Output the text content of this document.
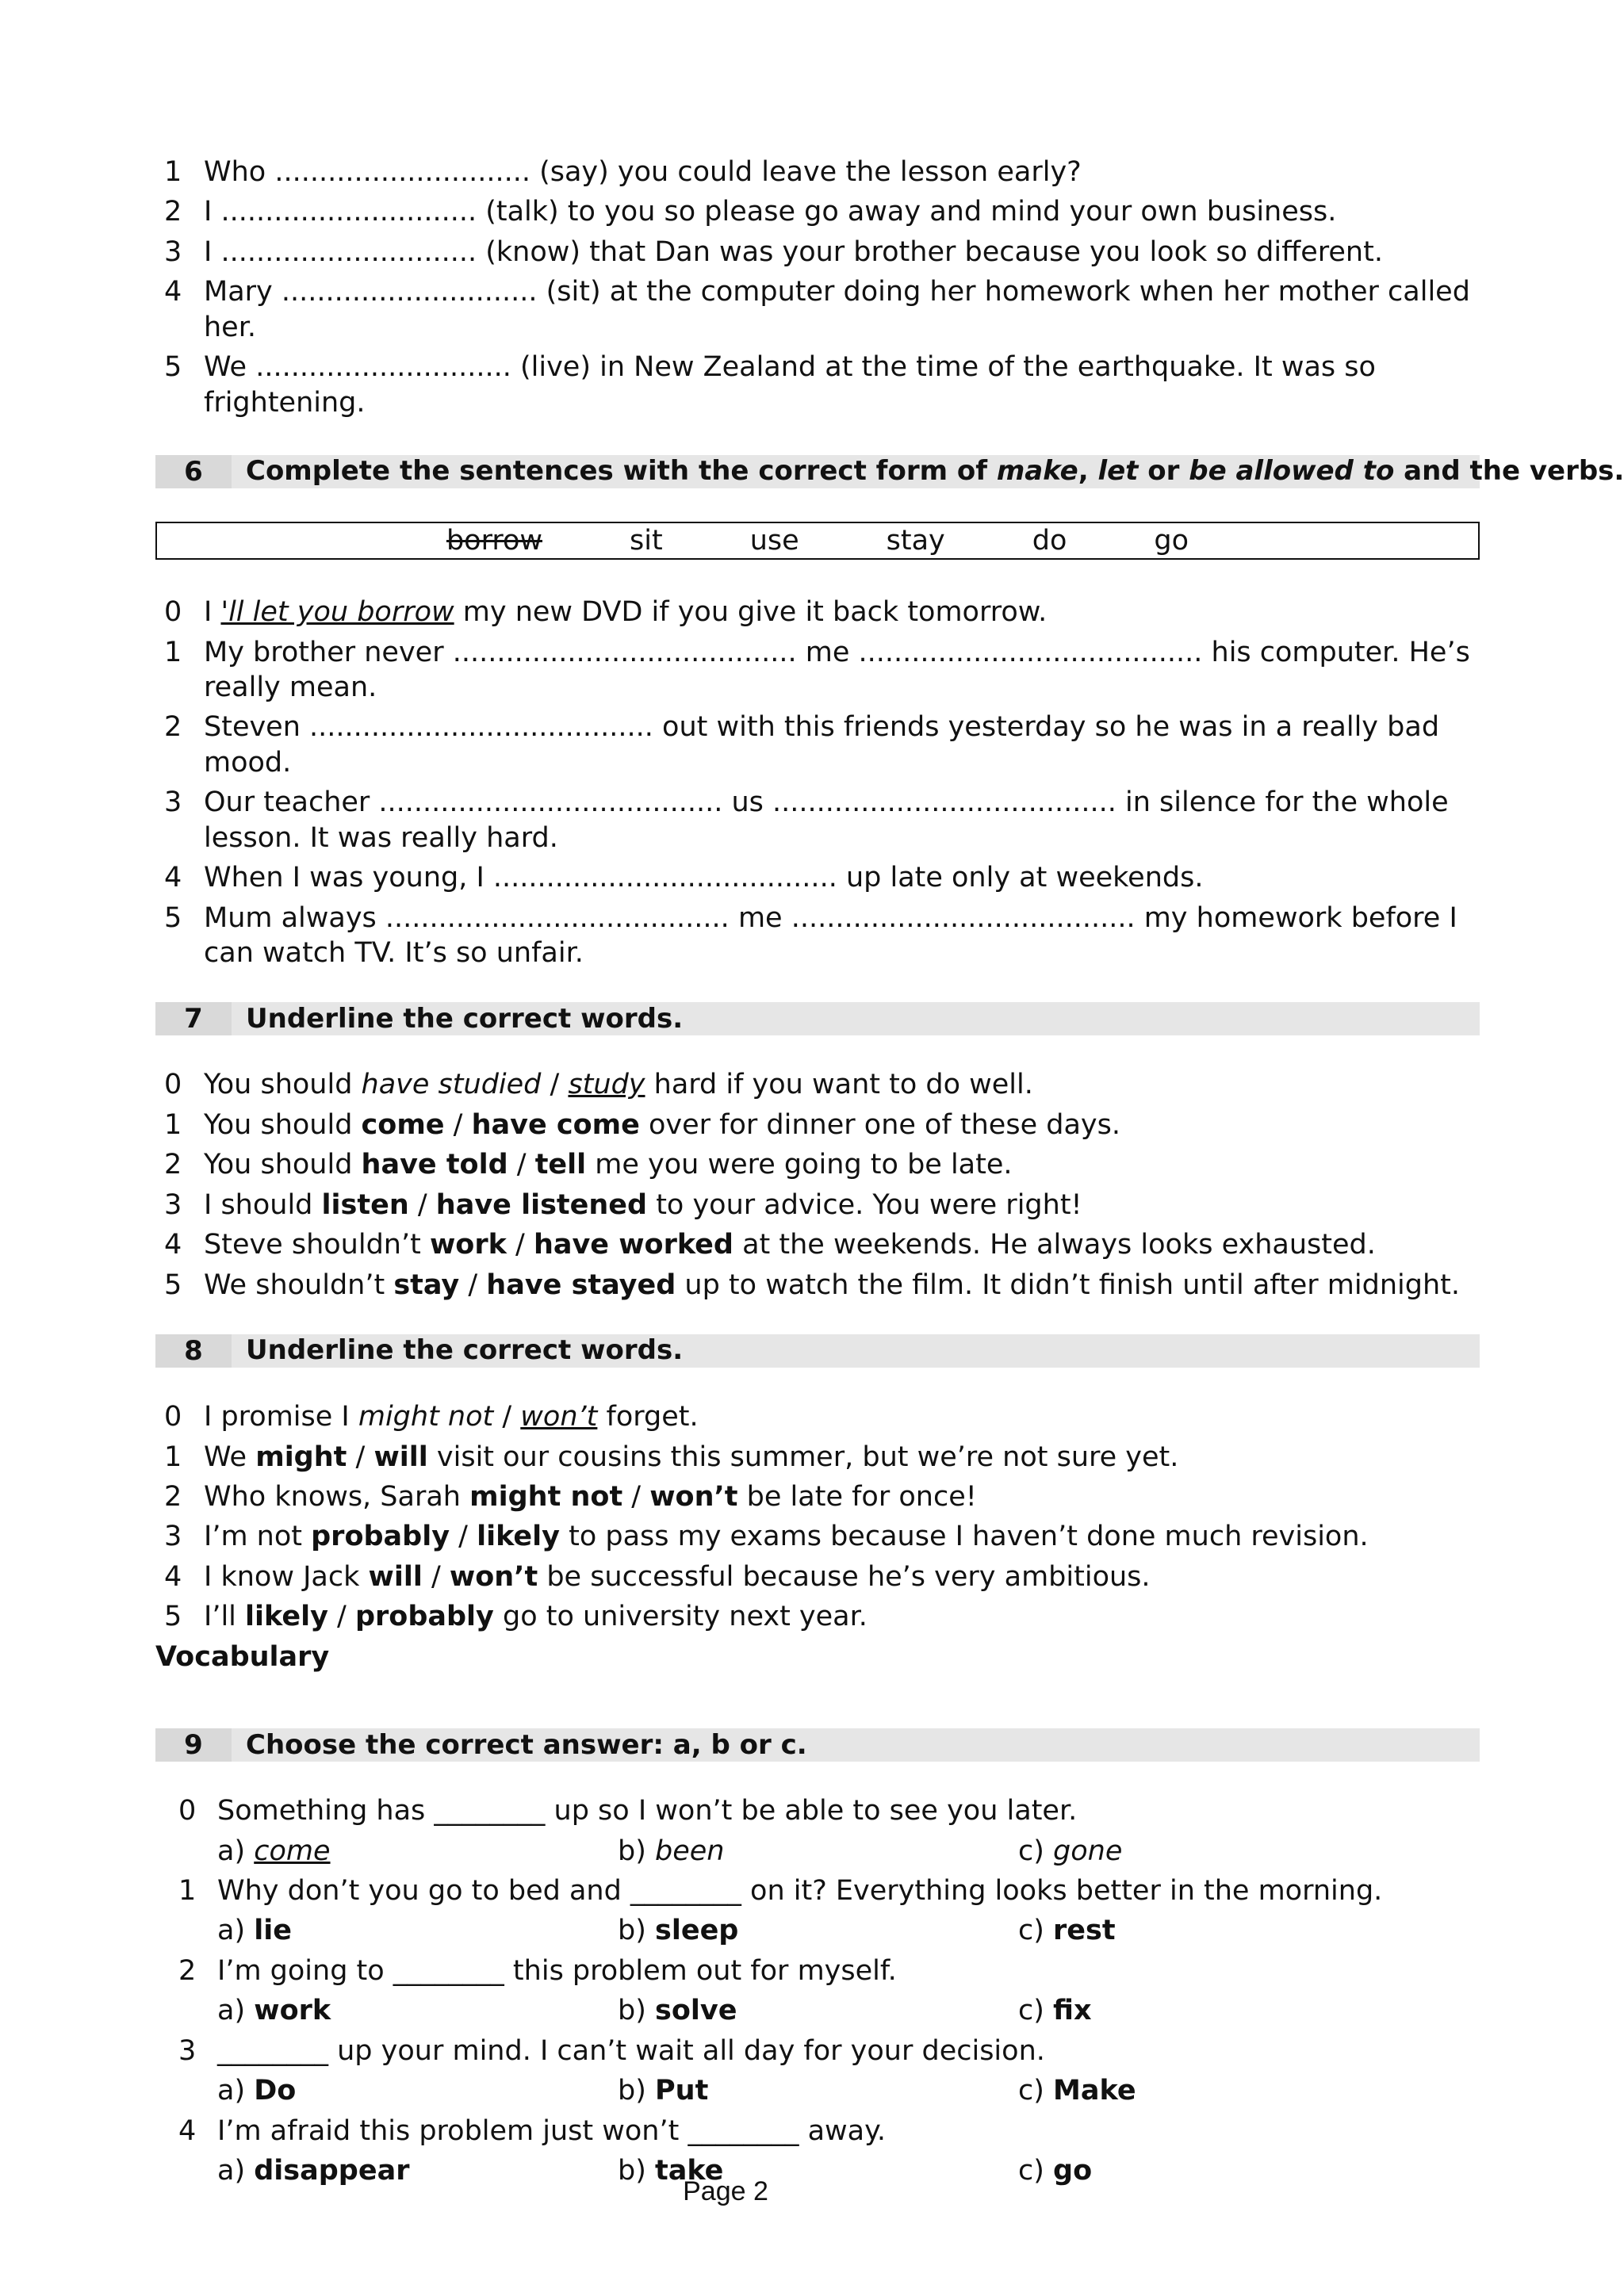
1 Who ............................. (say) you could leave the lesson early?
2 I ............................. (talk) to you so please go away and mind your own business.
3 I ............................. (know) that Dan was your brother because you look so different.
4 Mary ............................. (sit) at the computer doing her homework when her mother called her.
5 We ............................. (live) in New Zealand at the time of the earthquake. It was so frightening.
6	Complete the sentences with the correct form of make, let or be allowed to and the verbs.
borrow	sit	use	stay	do	go
0 I 'll let you borrow my new DVD if you give it back tomorrow.
1 My brother never ....................................... me ....................................... his computer. He’s really mean.
2 Steven ....................................... out with this friends yesterday so he was in a really bad mood.
3 Our teacher ....................................... us ....................................... in silence for the whole lesson. It was really hard.
4 When I was young, I ....................................... up late only at weekends.
5 Mum always ....................................... me ....................................... my homework before I can watch TV. It’s so unfair.
7	Underline the correct words.
0 You should have studied / study hard if you want to do well.
1 You should come / have come over for dinner one of these days.
2 You should have told / tell me you were going to be late.
3 I should listen / have listened to your advice. You were right!
4 Steve shouldn’t work / have worked at the weekends. He always looks exhausted.
5 We shouldn’t stay / have stayed up to watch the film. It didn’t finish until after midnight.
8	Underline the correct words.
0 I promise I might not / won’t forget.
1 We might / will visit our cousins this summer, but we’re not sure yet.
2 Who knows, Sarah might not / won’t be late for once!
3 I’m not probably / likely to pass my exams because I haven’t done much revision.
4 I know Jack will / won’t be successful because he’s very ambitious.
5 I’ll likely / probably go to university next year.
Vocabulary
9	Choose the correct answer: a, b or c.
0 Something has ________ up so I won’t be able to see you later.
a) come	b) been	c) gone
1 Why don’t you go to bed and ________ on it? Everything looks better in the morning.
a) lie	b) sleep	c) rest
2 I’m going to ________ this problem out for myself.
a) work	b) solve	c) fix
3 ________ up your mind. I can’t wait all day for your decision.
a) Do	b) Put	c) Make
4 I’m afraid this problem just won’t ________ away.
a) disappear	b) take	c) go
Page 2
